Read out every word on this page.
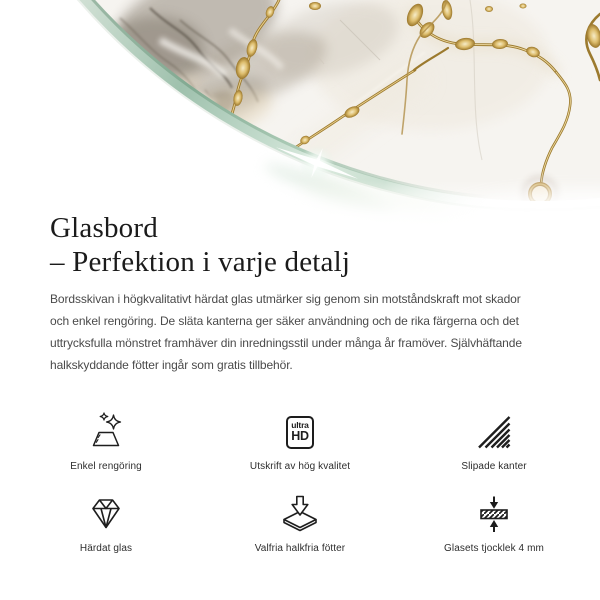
Glasbord
– Perfektion i varje detalj
Bordsskivan i högkvalitativt härdat glas utmärker sig genom sin motståndskraft mot skador
och enkel rengöring. De släta kanterna ger säker användning och de rika färgerna och det
uttrycksfulla mönstret framhäver din inredningsstil under många år framöver. Självhäftande
halkskyddande fötter ingår som gratis tillbehör.
Enkel rengöring
ultra
HD
Utskrift av hög kvalitet	Slipade kanter
Härdat glas	Valfria halkfria fötter	Glasets tjocklek 4 mm
